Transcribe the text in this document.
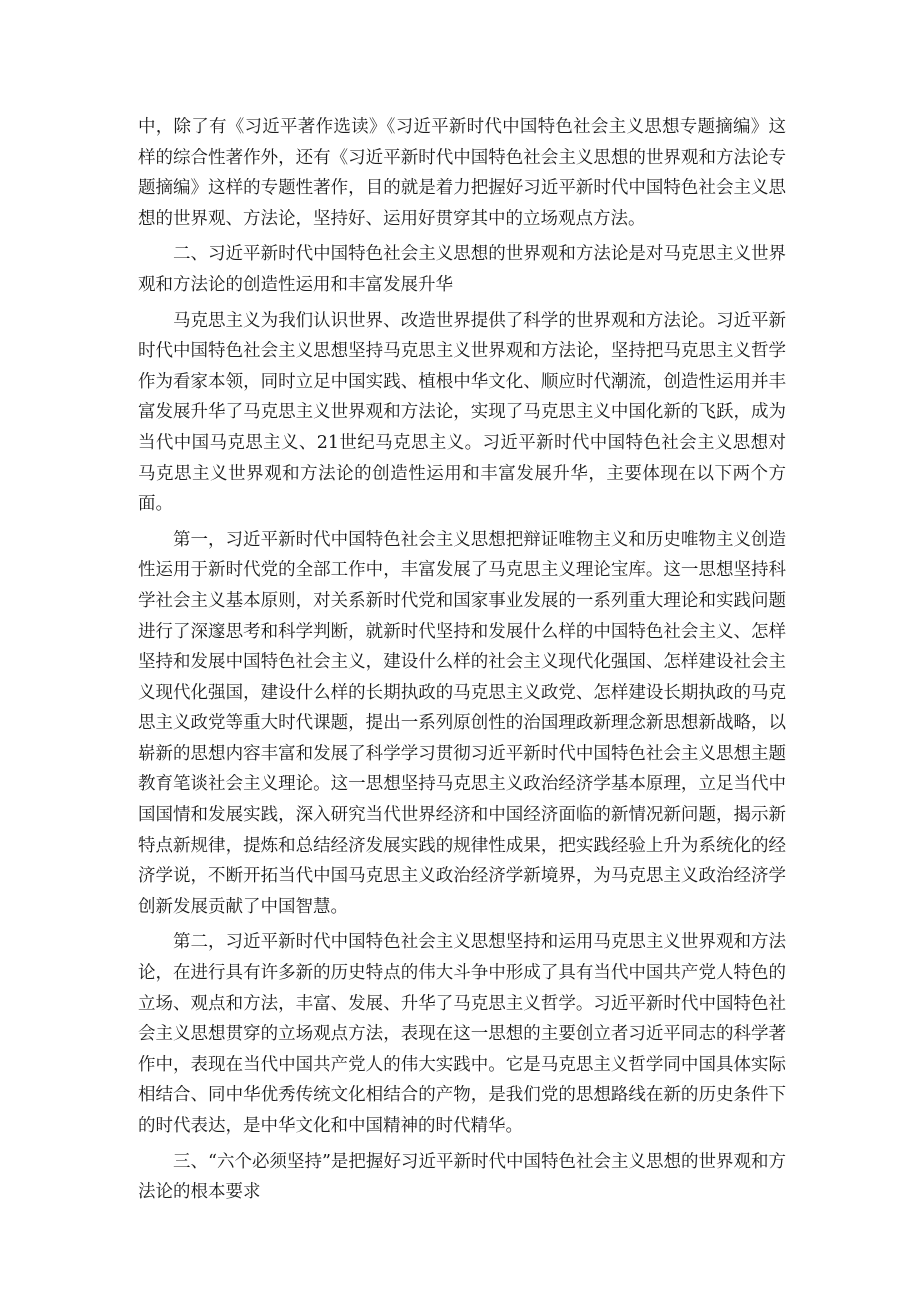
中，除了有《习近平著作选读》《习近平新时代中国特色社会主义思想专题摘编》这样的综合性著作外，还有《习近平新时代中国特色社会主义思想的世界观和方法论专题摘编》这样的专题性著作，目的就是着力把握好习近平新时代中国特色社会主义思想的世界观、方法论，坚持好、运用好贯穿其中的立场观点方法。

二、习近平新时代中国特色社会主义思想的世界观和方法论是对马克思主义世界观和方法论的创造性运用和丰富发展升华

马克思主义为我们认识世界、改造世界提供了科学的世界观和方法论。习近平新时代中国特色社会主义思想坚持马克思主义世界观和方法论，坚持把马克思主义哲学作为看家本领，同时立足中国实践、植根中华文化、顺应时代潮流，创造性运用并丰富发展升华了马克思主义世界观和方法论，实现了马克思主义中国化新的飞跃，成为当代中国马克思主义、21世纪马克思主义。习近平新时代中国特色社会主义思想对马克思主义世界观和方法论的创造性运用和丰富发展升华，主要体现在以下两个方面。

第一，习近平新时代中国特色社会主义思想把辩证唯物主义和历史唯物主义创造性运用于新时代党的全部工作中，丰富发展了马克思主义理论宝库。这一思想坚持科学社会主义基本原则，对关系新时代党和国家事业发展的一系列重大理论和实践问题进行了深邃思考和科学判断，就新时代坚持和发展什么样的中国特色社会主义、怎样坚持和发展中国特色社会主义，建设什么样的社会主义现代化强国、怎样建设社会主义现代化强国，建设什么样的长期执政的马克思主义政党、怎样建设长期执政的马克思主义政党等重大时代课题，提出一系列原创性的治国理政新理念新思想新战略，以崭新的思想内容丰富和发展了科学学习贯彻习近平新时代中国特色社会主义思想主题教育笔谈社会主义理论。这一思想坚持马克思主义政治经济学基本原理，立足当代中国国情和发展实践，深入研究当代世界经济和中国经济面临的新情况新问题，揭示新特点新规律，提炼和总结经济发展实践的规律性成果，把实践经验上升为系统化的经济学说，不断开拓当代中国马克思主义政治经济学新境界，为马克思主义政治经济学创新发展贡献了中国智慧。

第二，习近平新时代中国特色社会主义思想坚持和运用马克思主义世界观和方法论，在进行具有许多新的历史特点的伟大斗争中形成了具有当代中国共产党人特色的立场、观点和方法，丰富、发展、升华了马克思主义哲学。习近平新时代中国特色社会主义思想贯穿的立场观点方法，表现在这一思想的主要创立者习近平同志的科学著作中，表现在当代中国共产党人的伟大实践中。它是马克思主义哲学同中国具体实际相结合、同中华优秀传统文化相结合的产物，是我们党的思想路线在新的历史条件下的时代表达，是中华文化和中国精神的时代精华。

三、“六个必须坚持”是把握好习近平新时代中国特色社会主义思想的世界观和方法论的根本要求
